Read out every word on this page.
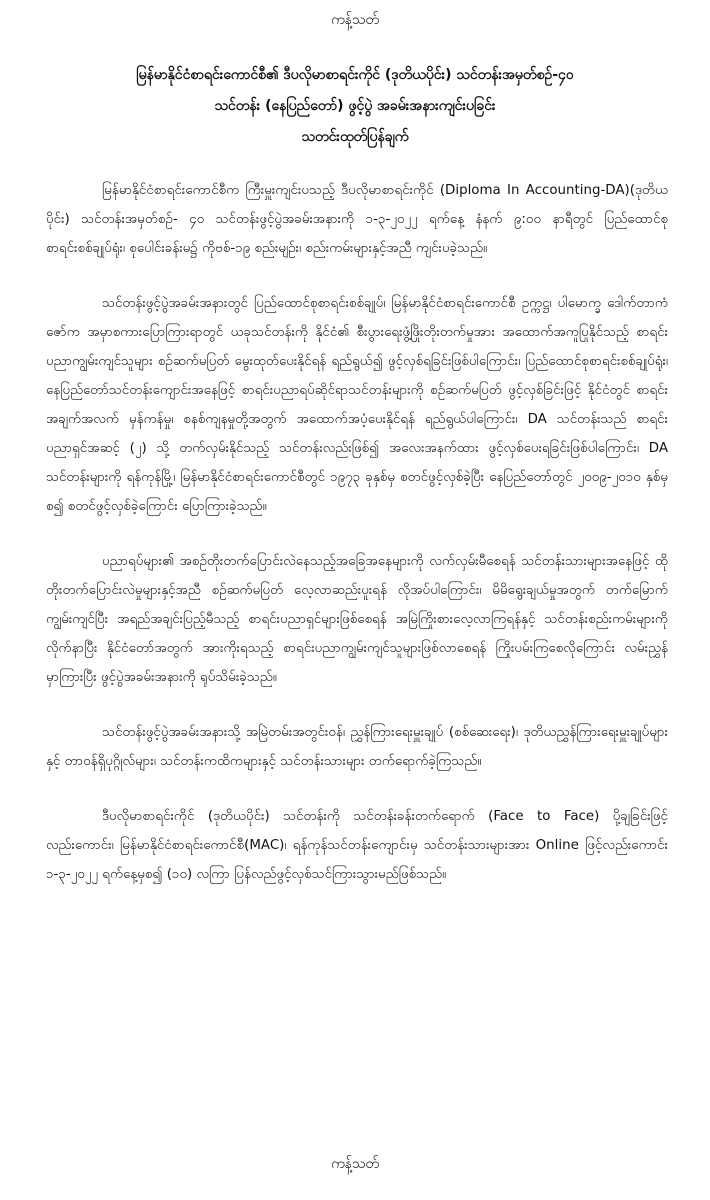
ကန့်သတ်
မြန်မာနိုင်ငံစာရင်းကောင်စီ၏ ဒီပလိုမာစာရင်းကိုင် (ဒုတိယပိုင်း) သင်တန်းအမှတ်စဉ်-၄၀
သင်တန်း (နေပြည်တော်) ဖွင့်ပွဲ အခမ်းအနားကျင်းပခြင်း
သတင်းထုတ်ပြန်ချက်

မြန်မာနိုင်ငံစာရင်းကောင်စီက ကြီးမှူးကျင်းပသည့် ဒီပလိုမာစာရင်းကိုင် (Diploma In Accounting-DA)(ဒုတိယပိုင်း) သင်တန်းအမှတ်စဉ်- ၄၀ သင်တန်းဖွင့်ပွဲအခမ်းအနားကို ၁-၃-၂၀၂၂ ရက်နေ့ နံနက် ၉:၀၀ နာရီတွင် ပြည်ထောင်စုစာရင်းစစ်ချုပ်ရုံး၊ စုပေါင်းခန်းမ၌ ကိုဗစ်-၁၉ စည်းမျဉ်း၊ စည်းကမ်းများနှင့်အညီ ကျင်းပခဲ့သည်။

သင်တန်းဖွင့်ပွဲအခမ်းအနားတွင် ပြည်ထောင်စုစာရင်းစစ်ချုပ်၊ မြန်မာနိုင်ငံစာရင်းကောင်စီ ဥက္ကဋ္ဌ၊ ပါမောက္ခ ဒေါက်တာကံဇော်က အမှာစကားပြောကြားရာတွင် ယခုသင်တန်းကို နိုင်ငံ၏ စီးပွားရေးဖွံ့ဖြိုးတိုးတက်မှုအား အထောက်အကူပြုနိုင်သည့် စာရင်းပညာကျွမ်းကျင်သူများ စဉ်ဆက်မပြတ် မွေးထုတ်ပေးနိုင်ရန် ရည်ရွယ်၍ ဖွင့်လှစ်ရခြင်းဖြစ်ပါကြောင်း၊ ပြည်ထောင်စုစာရင်းစစ်ချုပ်ရုံး၊ နေပြည်တော်သင်တန်းကျောင်းအနေဖြင့် စာရင်းပညာရပ်ဆိုင်ရာသင်တန်းများကို စဉ်ဆက်မပြတ် ဖွင့်လှစ်ခြင်းဖြင့် နိုင်ငံတွင် စာရင်းအချက်အလက် မှန်ကန်မှု၊ စနစ်ကျနမှုတို့အတွက် အထောက်အပံ့ပေးနိုင်ရန် ရည်ရွယ်ပါကြောင်း၊ DA သင်တန်းသည် စာရင်းပညာရှင်အဆင့် (၂) သို့ တက်လှမ်းနိုင်သည့် သင်တန်းလည်းဖြစ်၍ အလေးအနက်ထား ဖွင့်လှစ်ပေးရခြင်းဖြစ်ပါကြောင်း၊ DA သင်တန်းများကို ရန်ကုန်မြို့၊ မြန်မာနိုင်ငံစာရင်းကောင်စီတွင် ၁၉၇၃ ခုနှစ်မှ စတင်ဖွင့်လှစ်ခဲ့ပြီး နေပြည်တော်တွင် ၂၀၀၉-၂၀၁၀ နှစ်မှစ၍ စတင်ဖွင့်လှစ်ခဲ့ကြောင်း ပြောကြားခဲ့သည်။

ပညာရပ်များ၏ အစဉ်တိုးတက်ပြောင်းလဲနေသည့်အခြေအနေများကို လက်လှမ်းမီစေရန် သင်တန်းသားများအနေဖြင့် ထိုတိုးတက်ပြောင်းလဲမှုများနှင့်အညီ စဉ်ဆက်မပြတ် လေ့လာဆည်းပူးရန် လိုအပ်ပါကြောင်း၊ မိမိရွေးချယ်မှုအတွက် တက်မြောက်ကျွမ်းကျင်ပြီး အရည်အချင်းပြည့်မီသည့် စာရင်းပညာရှင်များဖြစ်စေရန် အမြဲကြိုးစားလေ့လာကြရန်နှင့် သင်တန်းစည်းကမ်းများကို လိုက်နာပြီး နိုင်ငံတော်အတွက် အားကိုးရသည့် စာရင်းပညာကျွမ်းကျင်သူများဖြစ်လာစေရန် ကြိုးပမ်းကြစေလိုကြောင်း လမ်းညွှန်မှာကြားပြီး ဖွင့်ပွဲအခမ်းအနားကို ရုပ်သိမ်းခဲ့သည်။

သင်တန်းဖွင့်ပွဲအခမ်းအနားသို့ အမြဲတမ်းအတွင်းဝန်၊ ညွှန်ကြားရေးမှူးချုပ် (စစ်ဆေးရေး)၊ ဒုတိယညွှန်ကြားရေးမှူးချုပ်များနှင့် တာဝန်ရှိပုဂ္ဂိုလ်များ၊ သင်တန်းကထိကများနှင့် သင်တန်းသားများ တက်ရောက်ခဲ့ကြသည်။

ဒီပလိုမာစာရင်းကိုင် (ဒုတိယပိုင်း) သင်တန်းကို သင်တန်းခန်းတက်ရောက် (Face to Face) ပို့ချခြင်းဖြင့်လည်းကောင်း၊ မြန်မာနိုင်ငံစာရင်းကောင်စီ(MAC)၊ ရန်ကုန်သင်တန်းကျောင်းမှ သင်တန်းသားများအား Online ဖြင့်လည်းကောင်း ၁-၃-၂၀၂၂ ရက်နေ့မှစ၍ (၁၀) လကြာ ပြန်လည်ဖွင့်လှစ်သင်ကြားသွားမည်ဖြစ်သည်။

ကန့်သတ်
